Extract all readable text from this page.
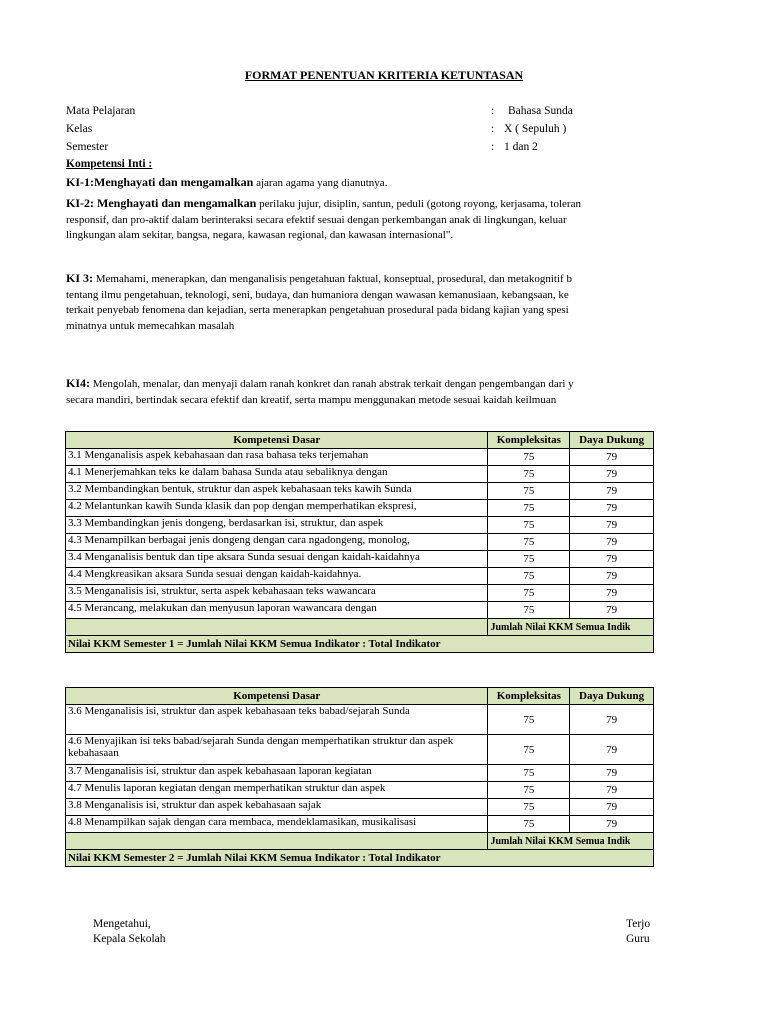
FORMAT PENENTUAN KRITERIA KETUNTASAN
Mata Pelajaran	: Bahasa Sunda
Kelas	: X ( Sepuluh )
Semester	: 1 dan 2
Kompetensi Inti :
KI-1:Menghayati dan mengamalkan ajaran agama yang dianutnya.
KI-2: Menghayati dan mengamalkan perilaku jujur, disiplin, santun, peduli (gotong royong, kerjasama, toleran
responsif, dan pro-aktif dalam berinteraksi secara efektif sesuai dengan perkembangan anak di lingkungan, keluar
lingkungan alam sekitar, bangsa, negara, kawasan regional, dan kawasan internasional".
KI 3: Memahami, menerapkan, dan menganalisis pengetahuan faktual, konseptual, prosedural, dan metakognitif b
tentang ilmu pengetahuan, teknologi, seni, budaya, dan humaniora dengan wawasan kemanusiaan, kebangsaan, ke
terkait penyebab fenomena dan kejadian, serta menerapkan pengetahuan prosedural pada bidang kajian yang spesi
minatnya untuk memecahkan masalah
KI4: Mengolah, menalar, dan menyaji dalam ranah konkret dan ranah abstrak terkait dengan pengembangan dari y
secara mandiri, bertindak secara efektif dan kreatif, serta mampu menggunakan metode sesuai kaidah keilmuan
Kompetensi Dasar	Kompleksitas	Daya Dukung
3.1 Menganalisis aspek kebahasaan dan rasa bahasa teks terjemahan	75	79
4.1 Menerjemahkan teks ke dalam bahasa Sunda atau sebaliknya dengan	75	79
3.2 Membandingkan bentuk, struktur dan aspek kebahasaan teks kawih Sunda	75	79
4.2 Melantunkan kawih Sunda klasik dan pop dengan memperhatikan ekspresi,	75	79
3.3 Membandingkan jenis dongeng, berdasarkan isi, struktur, dan aspek	75	79
4.3 Menampilkan berbagai jenis dongeng dengan cara ngadongeng, monolog,	75	79
3.4 Menganalisis bentuk dan tipe aksara Sunda sesuai dengan kaidah-kaidahnya	75	79
4.4 Mengkreasikan aksara Sunda sesuai dengan kaidah-kaidahnya.	75	79
3.5 Menganalisis isi, struktur, serta aspek kebahasaan teks wawancara	75	79
4.5 Merancang, melakukan dan menyusun laporan wawancara dengan	75	79
	Jumlah Nilai KKM Semua Indik	
Nilai KKM Semester 1 = Jumlah Nilai KKM Semua Indikator : Total Indikator		
Kompetensi Dasar	Kompleksitas	Daya Dukung
3.6 Menganalisis isi, struktur dan aspek kebahasaan teks babad/sejarah Sunda	75	79
4.6 Menyajikan isi teks babad/sejarah Sunda dengan memperhatikan struktur dan aspek kebahasaan	75	79
3.7 Menganalisis isi, struktur dan aspek kebahasaan laporan kegiatan	75	79
4.7 Menulis laporan kegiatan dengan memperhatikan struktur dan aspek	75	79
3.8 Menganalisis isi, struktur dan aspek kebahasaan sajak	75	79
4.8 Menampilkan sajak dengan cara membaca, mendeklamasikan, musikalisasi	75	79
	Jumlah Nilai KKM Semua Indik	
Nilai KKM Semester 2 = Jumlah Nilai KKM Semua Indikator : Total Indikator		
Mengetahui,
Kepala Sekolah
Terjo
Guru
